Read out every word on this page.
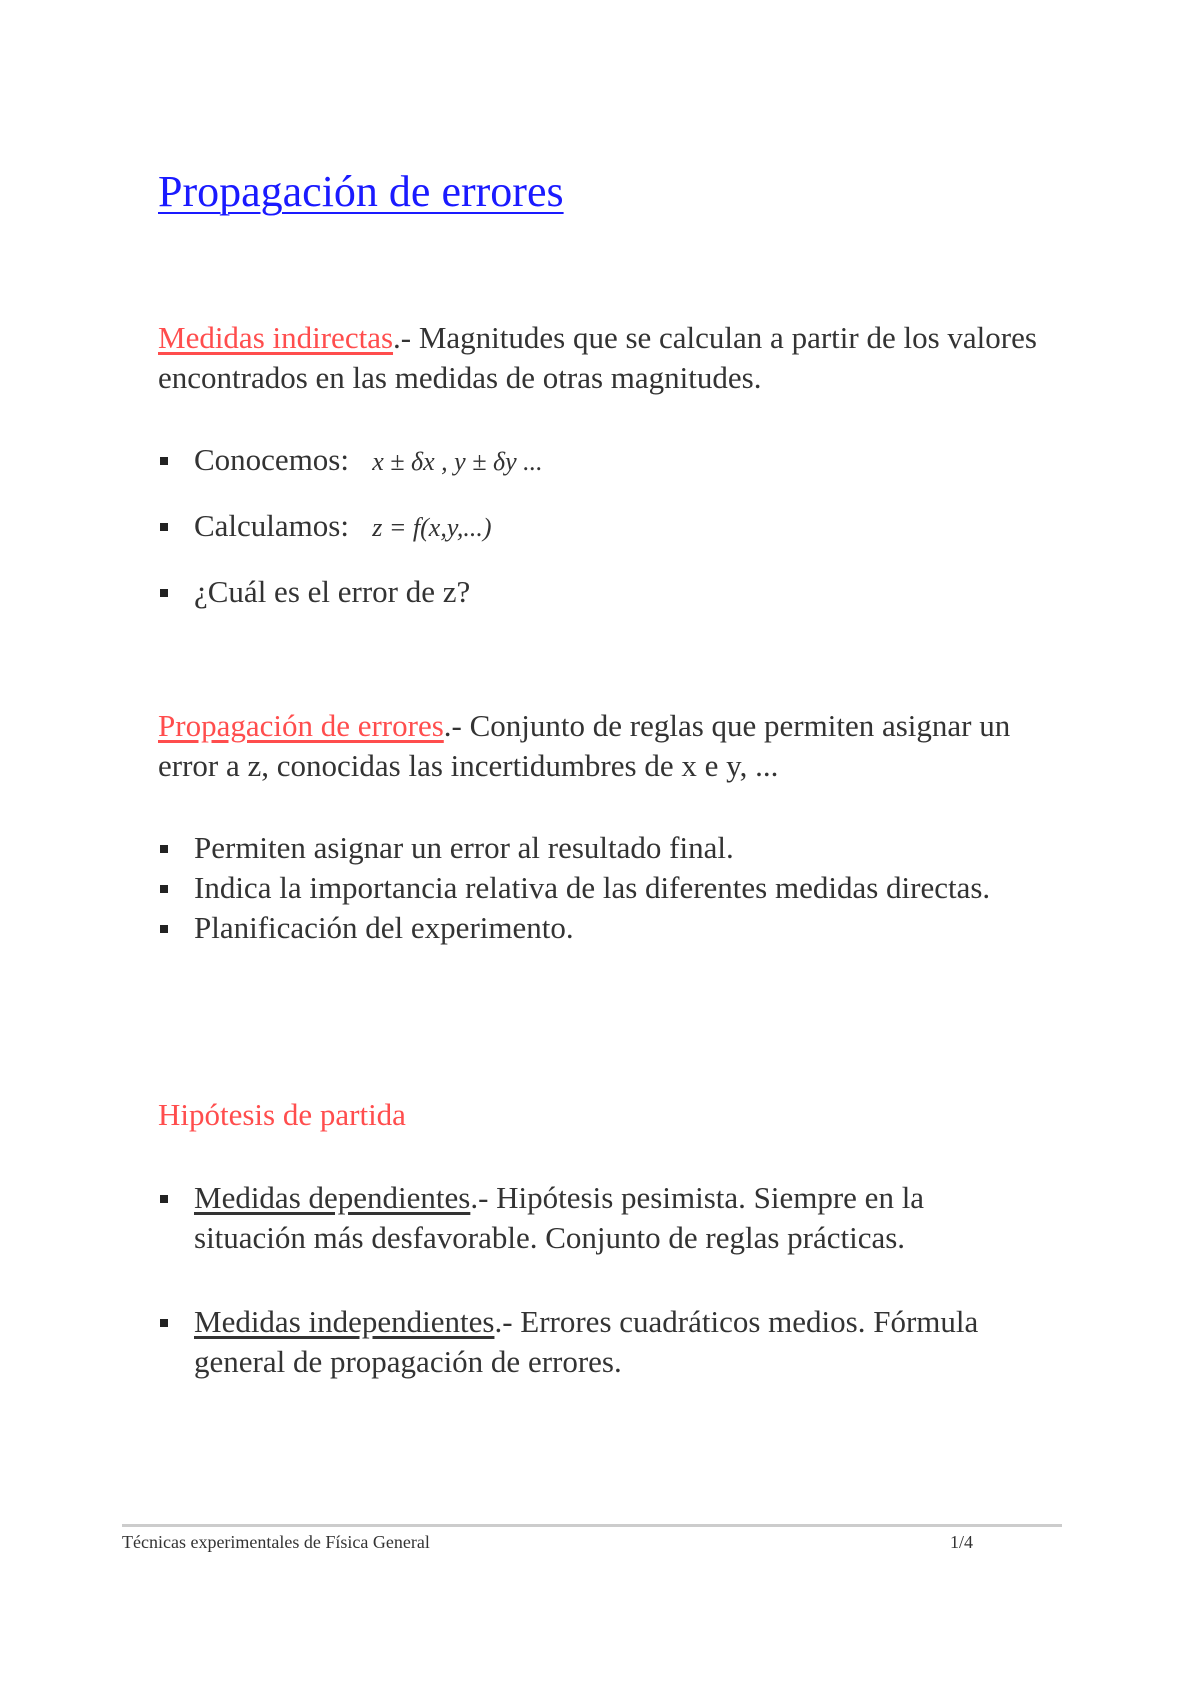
Propagación de errores

Medidas indirectas.- Magnitudes que se calculan a partir de los valores encontrados en las medidas de otras magnitudes.

Conocemos: x ± δx , y ± δy ...
Calculamos: z = f(x,y,...)
¿Cuál es el error de z?

Propagación de errores.- Conjunto de reglas que permiten asignar un error a z, conocidas las incertidumbres de x e y, ...

Permiten asignar un error al resultado final.
Indica la importancia relativa de las diferentes medidas directas.
Planificación del experimento.
Hipótesis de partida
Medidas dependientes.- Hipótesis pesimista. Siempre en la situación más desfavorable. Conjunto de reglas prácticas.
Medidas independientes.- Errores cuadráticos medios. Fórmula general de propagación de errores.
Técnicas experimentales de Física General	1/4
